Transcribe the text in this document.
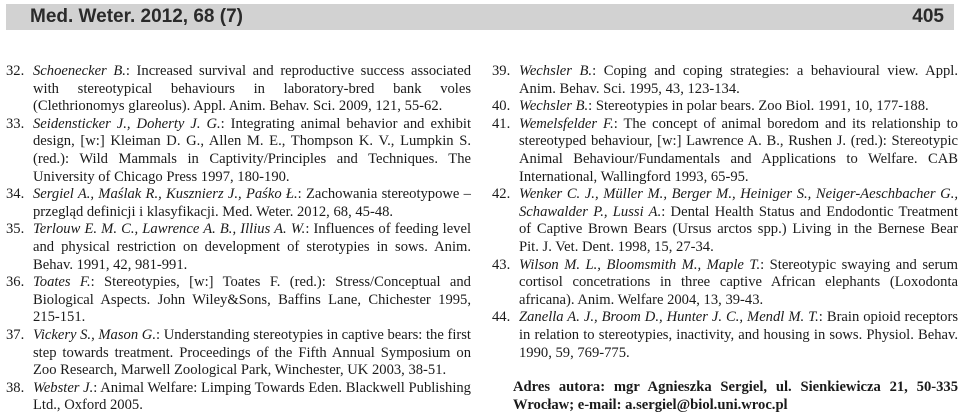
Med. Weter. 2012, 68 (7)	405
32. Schoenecker B.: Increased survival and reproductive success associated with stereotypical behaviours in laboratory-bred bank voles (Clethrionomys glareolus). Appl. Anim. Behav. Sci. 2009, 121, 55-62.
33. Seidensticker J., Doherty J. G.: Integrating animal behavior and exhibit design, [w:] Kleiman D. G., Allen M. E., Thompson K. V., Lumpkin S. (red.): Wild Mammals in Captivity/Principles and Techniques. The University of Chicago Press 1997, 180-190.
34. Sergiel A., Maślak R., Kusznierz J., Paśko Ł.: Zachowania stereotypowe – przegląd definicji i klasyfikacji. Med. Weter. 2012, 68, 45-48.
35. Terlouw E. M. C., Lawrence A. B., Illius A. W.: Influences of feeding level and physical restriction on development of sterotypies in sows. Anim. Behav. 1991, 42, 981-991.
36. Toates F.: Stereotypies, [w:] Toates F. (red.): Stress/Conceptual and Biological Aspects. John Wiley&Sons, Baffins Lane, Chichester 1995, 215-151.
37. Vickery S., Mason G.: Understanding stereotypies in captive bears: the first step towards treatment. Proceedings of the Fifth Annual Symposium on Zoo Research, Marwell Zoological Park, Winchester, UK 2003, 38-51.
38. Webster J.: Animal Welfare: Limping Towards Eden. Blackwell Publishing Ltd., Oxford 2005.
39. Wechsler B.: Coping and coping strategies: a behavioural view. Appl. Anim. Behav. Sci. 1995, 43, 123-134.
40. Wechsler B.: Stereotypies in polar bears. Zoo Biol. 1991, 10, 177-188.
41. Wemelsfelder F.: The concept of animal boredom and its relationship to stereotyped behaviour, [w:] Lawrence A. B., Rushen J. (red.): Stereotypic Animal Behaviour/Fundamentals and Applications to Welfare. CAB International, Wallingford 1993, 65-95.
42. Wenker C. J., Müller M., Berger M., Heiniger S., Neiger-Aeschbacher G., Schawalder P., Lussi A.: Dental Health Status and Endodontic Treatment of Captive Brown Bears (Ursus arctos spp.) Living in the Bernese Bear Pit. J. Vet. Dent. 1998, 15, 27-34.
43. Wilson M. L., Bloomsmith M., Maple T.: Stereotypic swaying and serum cortisol concetrations in three captive African elephants (Loxodonta africana). Anim. Welfare 2004, 13, 39-43.
44. Zanella A. J., Broom D., Hunter J. C., Mendl M. T.: Brain opioid receptors in relation to stereotypies, inactivity, and housing in sows. Physiol. Behav. 1990, 59, 769-775.
Adres autora: mgr Agnieszka Sergiel, ul. Sienkiewicza 21, 50-335 Wrocław; e-mail: a.sergiel@biol.uni.wroc.pl
